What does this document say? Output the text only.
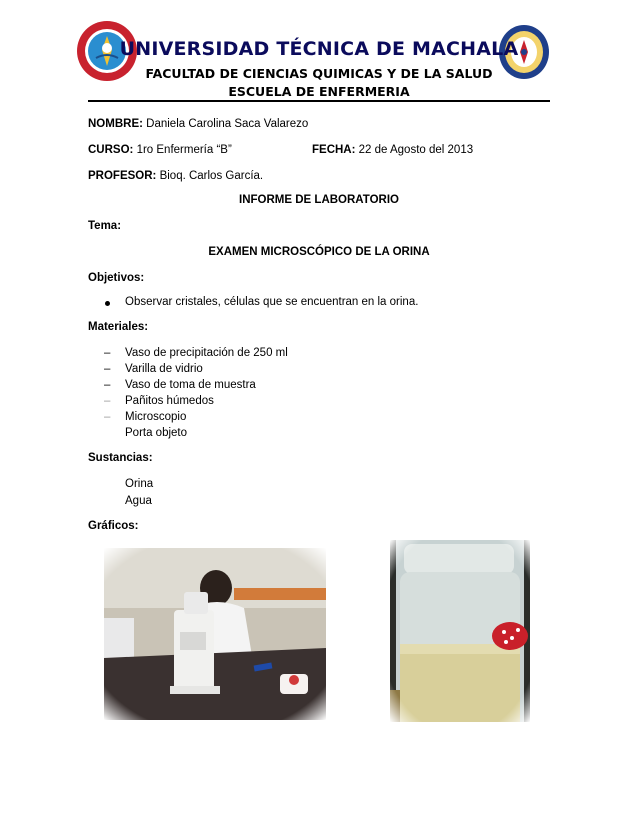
UNIVERSIDAD TÉCNICA DE MACHALA
FACULTAD DE CIENCIAS QUIMICAS Y DE LA SALUD
ESCUELA DE ENFERMERIA
NOMBRE: Daniela Carolina Saca Valarezo
CURSO: 1ro Enfermería “B”	FECHA: 22 de Agosto del 2013
PROFESOR: Bioq. Carlos García.
INFORME DE LABORATORIO
Tema:
EXAMEN MICROSCÓPICO DE LA ORINA
Objetivos:
Observar cristales, células que se encuentran en la orina.
Materiales:
– Vaso de precipitación de 250 ml
– Varilla de vidrio
– Vaso de toma de muestra
– Pañitos húmedos
– Microscopio
Porta objeto
Sustancias:
Orina
Agua
Gráficos:
